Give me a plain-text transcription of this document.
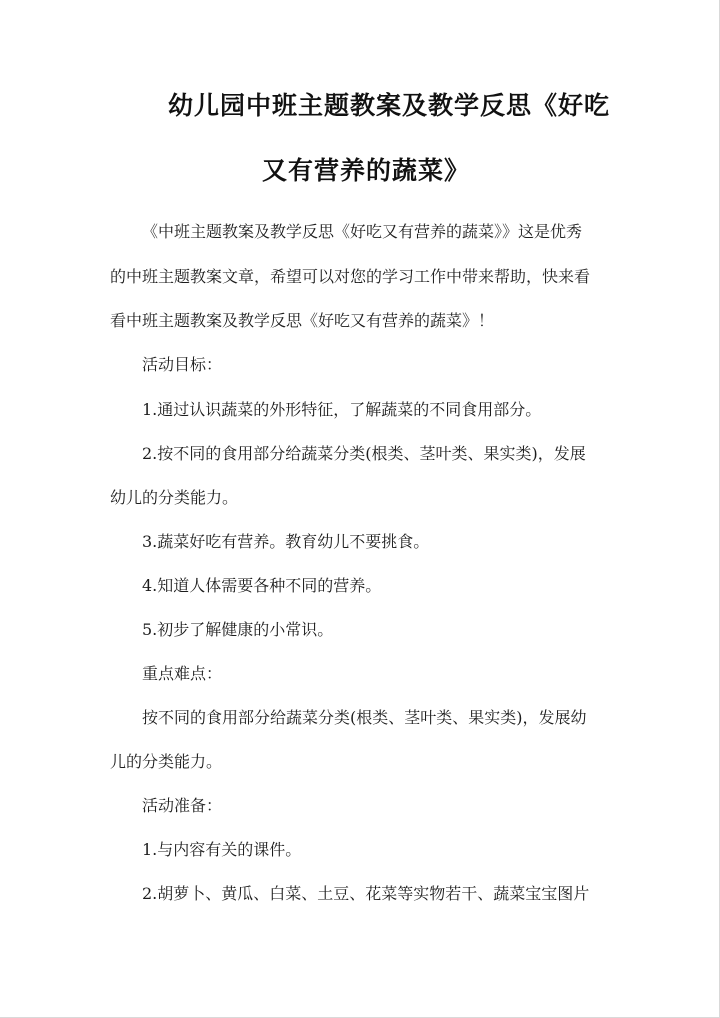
幼儿园中班主题教案及教学反思《好吃
又有营养的蔬菜》
《中班主题教案及教学反思《好吃又有营养的蔬菜》》这是优秀
的中班主题教案文章，希望可以对您的学习工作中带来帮助，快来看
看中班主题教案及教学反思《好吃又有营养的蔬菜》！
活动目标：
1.通过认识蔬菜的外形特征，了解蔬菜的不同食用部分。
2.按不同的食用部分给蔬菜分类(根类、茎叶类、果实类)，发展
幼儿的分类能力。
3.蔬菜好吃有营养。教育幼儿不要挑食。
4.知道人体需要各种不同的营养。
5.初步了解健康的小常识。
重点难点：
按不同的食用部分给蔬菜分类(根类、茎叶类、果实类)，发展幼
儿的分类能力。
活动准备：
1.与内容有关的课件。
2.胡萝卜、黄瓜、白菜、土豆、花菜等实物若干、蔬菜宝宝图片
